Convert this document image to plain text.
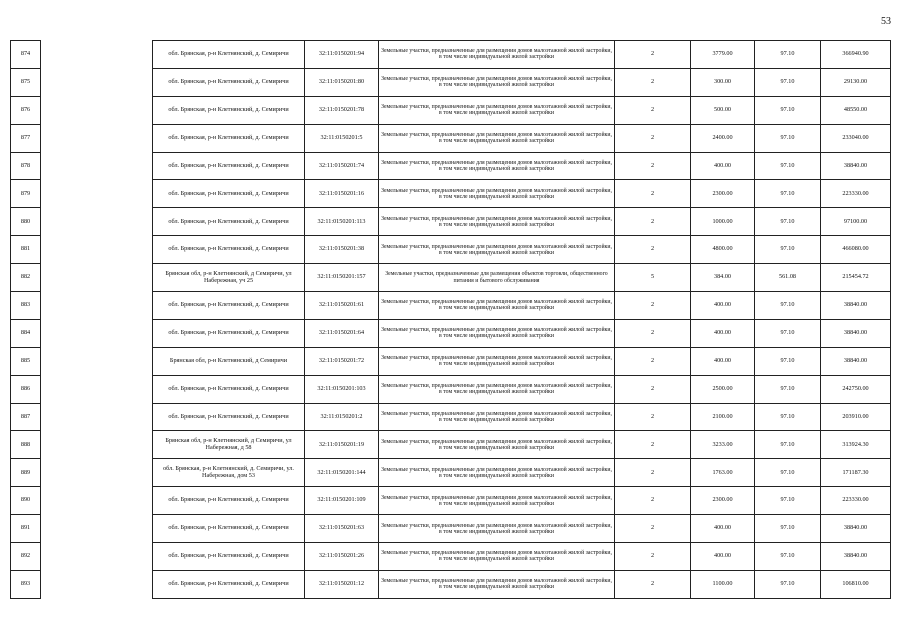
53
874		обл. Брянская, р-н Клетнянский, д. Семиричи	32:11:0150201:94	Земельные участки, предназначенные для размещения домов малоэтажной жилой застройки, в том числе индивидуальной жилой застройки	2	3779.00	97.10	366940.90
875		обл. Брянская, р-н Клетнянский, д. Семиричи	32:11:0150201:80	Земельные участки, предназначенные для размещения домов малоэтажной жилой застройки, в том числе индивидуальной жилой застройки	2	300.00	97.10	29130.00
876		обл. Брянская, р-н Клетнянский, д. Семиричи	32:11:0150201:78	Земельные участки, предназначенные для размещения домов малоэтажной жилой застройки, в том числе индивидуальной жилой застройки	2	500.00	97.10	48550.00
877		обл. Брянская, р-н Клетнянский, д. Семиричи	32:11:0150201:5	Земельные участки, предназначенные для размещения домов малоэтажной жилой застройки, в том числе индивидуальной жилой застройки	2	2400.00	97.10	233040.00
878		обл. Брянская, р-н Клетнянский, д. Семиричи	32:11:0150201:74	Земельные участки, предназначенные для размещения домов малоэтажной жилой застройки, в том числе индивидуальной жилой застройки	2	400.00	97.10	38840.00
879		обл. Брянская, р-н Клетнянский, д. Семиричи	32:11:0150201:16	Земельные участки, предназначенные для размещения домов малоэтажной жилой застройки, в том числе индивидуальной жилой застройки	2	2300.00	97.10	223330.00
880		обл. Брянская, р-н Клетнянский, д. Семиричи	32:11:0150201:113	Земельные участки, предназначенные для размещения домов малоэтажной жилой застройки, в том числе индивидуальной жилой застройки	2	1000.00	97.10	97100.00
881		обл. Брянская, р-н Клетнянский, д. Семиричи	32:11:0150201:38	Земельные участки, предназначенные для размещения домов малоэтажной жилой застройки, в том числе индивидуальной жилой застройки	2	4800.00	97.10	466080.00
882		Брянская обл, р-н Клетнянский, д Семиричи, ул Набережная, уч 25	32:11:0150201:157	Земельные участки, предназначенные для размещения объектов торговли, общественного питания и бытового обслуживания	5	384.00	561.08	215454.72
883		обл. Брянская, р-н Клетнянский, д. Семиричи	32:11:0150201:61	Земельные участки, предназначенные для размещения домов малоэтажной жилой застройки, в том числе индивидуальной жилой застройки	2	400.00	97.10	38840.00
884		обл. Брянская, р-н Клетнянский, д. Семиричи	32:11:0150201:64	Земельные участки, предназначенные для размещения домов малоэтажной жилой застройки, в том числе индивидуальной жилой застройки	2	400.00	97.10	38840.00
885		Брянская обл, р-н Клетнянский, д Семиричи	32:11:0150201:72	Земельные участки, предназначенные для размещения домов малоэтажной жилой застройки, в том числе индивидуальной жилой застройки	2	400.00	97.10	38840.00
886		обл. Брянская, р-н Клетнянский, д. Семиричи	32:11:0150201:103	Земельные участки, предназначенные для размещения домов малоэтажной жилой застройки, в том числе индивидуальной жилой застройки	2	2500.00	97.10	242750.00
887		обл. Брянская, р-н Клетнянский, д. Семиричи	32:11:0150201:2	Земельные участки, предназначенные для размещения домов малоэтажной жилой застройки, в том числе индивидуальной жилой застройки	2	2100.00	97.10	203910.00
888		Брянская обл, р-н Клетнянский, д Семиричи, ул Набережная, д 58	32:11:0150201:19	Земельные участки, предназначенные для размещения домов малоэтажной жилой застройки, в том числе индивидуальной жилой застройки	2	3233.00	97.10	313924.30
889		обл. Брянская, р-н Клетнянский, д. Семиричи, ул. Набережная, дом 53	32:11:0150201:144	Земельные участки, предназначенные для размещения домов малоэтажной жилой застройки, в том числе индивидуальной жилой застройки	2	1763.00	97.10	171187.30
890		обл. Брянская, р-н Клетнянский, д. Семиричи	32:11:0150201:109	Земельные участки, предназначенные для размещения домов малоэтажной жилой застройки, в том числе индивидуальной жилой застройки	2	2300.00	97.10	223330.00
891		обл. Брянская, р-н Клетнянский, д. Семиричи	32:11:0150201:63	Земельные участки, предназначенные для размещения домов малоэтажной жилой застройки, в том числе индивидуальной жилой застройки	2	400.00	97.10	38840.00
892		обл. Брянская, р-н Клетнянский, д. Семиричи	32:11:0150201:26	Земельные участки, предназначенные для размещения домов малоэтажной жилой застройки, в том числе индивидуальной жилой застройки	2	400.00	97.10	38840.00
893		обл. Брянская, р-н Клетнянский, д. Семиричи	32:11:0150201:12	Земельные участки, предназначенные для размещения домов малоэтажной жилой застройки, в том числе индивидуальной жилой застройки	2	1100.00	97.10	106810.00
